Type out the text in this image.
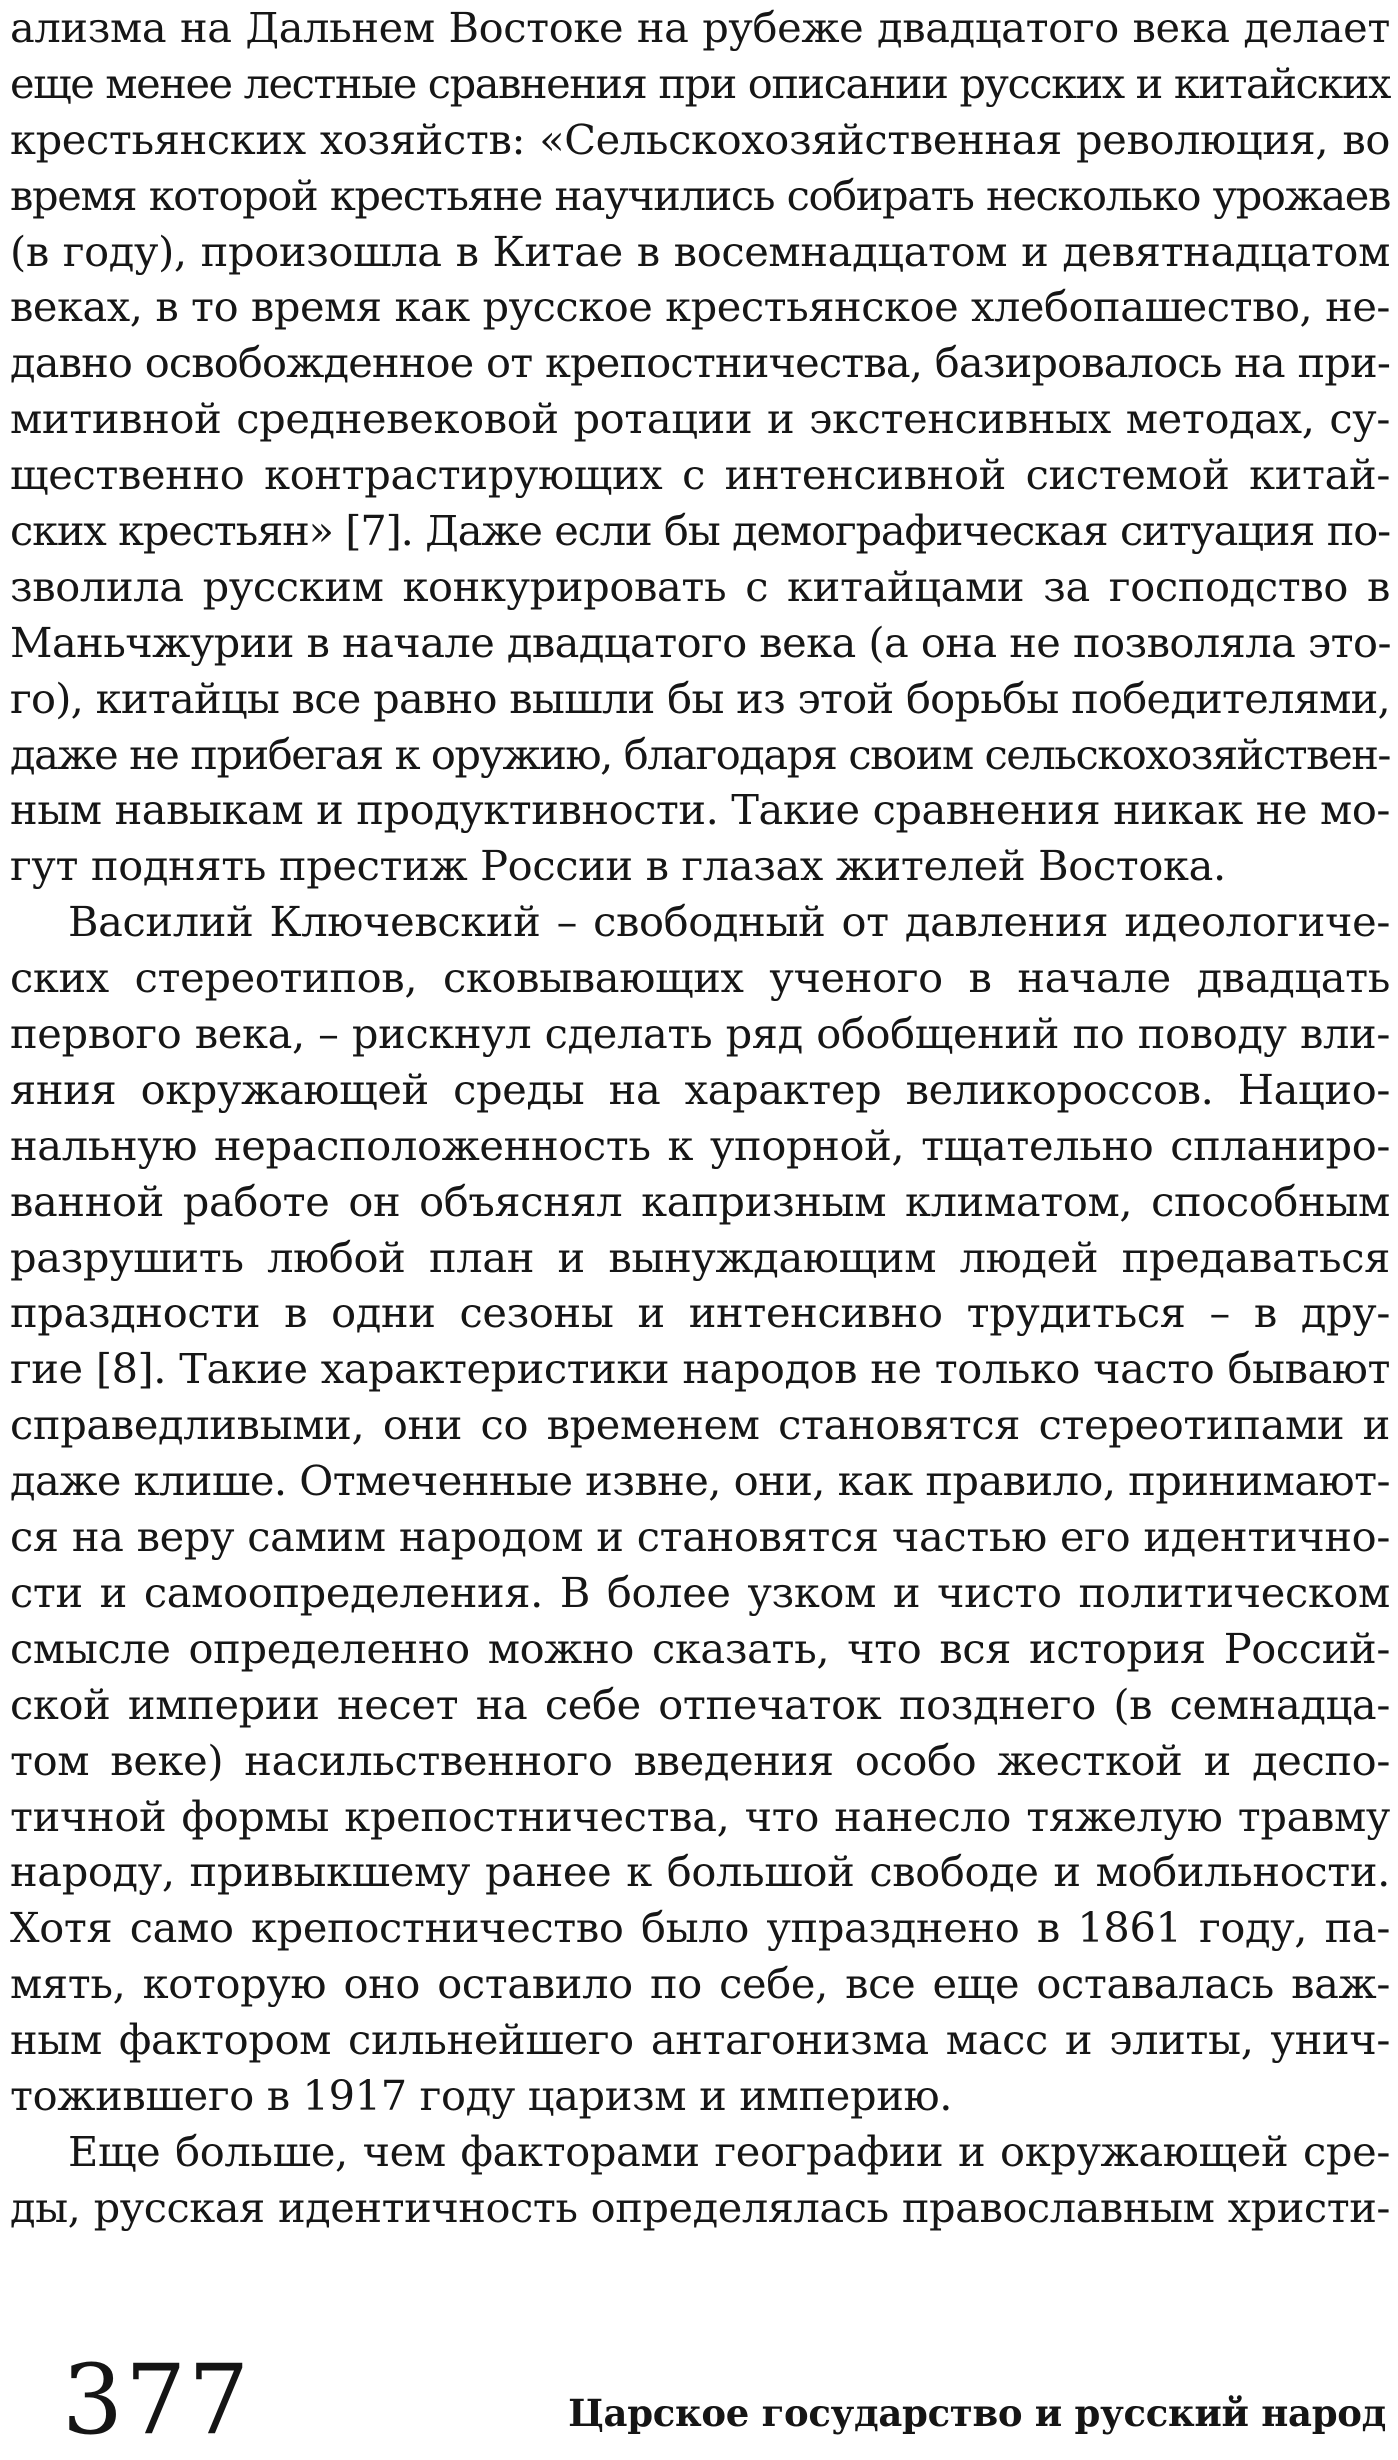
ализма на Дальнем Востоке на рубеже двадцатого века делает
еще менее лестные сравнения при описании русских и китайских
крестьянских хозяйств: «Сельскохозяйственная революция, во
время которой крестьяне научились собирать несколько урожаев
(в году), произошла в Китае в восемнадцатом и девятнадцатом
веках, в то время как русское крестьянское хлебопашество, не-
давно освобожденное от крепостничества, базировалось на при-
митивной средневековой ротации и экстенсивных методах, су-
щественно контрастирующих с интенсивной системой китай-
ских крестьян» [7]. Даже если бы демографическая ситуация по-
зволила русским конкурировать с китайцами за господство в
Маньчжурии в начале двадцатого века (а она не позволяла это-
го), китайцы все равно вышли бы из этой борьбы победителями,
даже не прибегая к оружию, благодаря своим сельскохозяйствен-
ным навыкам и продуктивности. Такие сравнения никак не мо-
гут поднять престиж России в глазах жителей Востока.
Василий Ключевский – свободный от давления идеологиче-
ских стереотипов, сковывающих ученого в начале двадцать
первого века, – рискнул сделать ряд обобщений по поводу вли-
яния окружающей среды на характер великороссов. Нацио-
нальную нерасположенность к упорной, тщательно спланиро-
ванной работе он объяснял капризным климатом, способным
разрушить любой план и вынуждающим людей предаваться
праздности в одни сезоны и интенсивно трудиться – в дру-
гие [8]. Такие характеристики народов не только часто бывают
справедливыми, они со временем становятся стереотипами и
даже клише. Отмеченные извне, они, как правило, принимают-
ся на веру самим народом и становятся частью его идентично-
сти и самоопределения. В более узком и чисто политическом
смысле определенно можно сказать, что вся история Россий-
ской империи несет на себе отпечаток позднего (в семнадца-
том веке) насильственного введения особо жесткой и деспо-
тичной формы крепостничества, что нанесло тяжелую травму
народу, привыкшему ранее к большой свободе и мобильности.
Хотя само крепостничество было упразднено в 1861 году, па-
мять, которую оно оставило по себе, все еще оставалась важ-
ным фактором сильнейшего антагонизма масс и элиты, унич-
тожившего в 1917 году царизм и империю.
Еще больше, чем факторами географии и окружающей сре-
ды, русская идентичность определялась православным христи-
377	Царское государство и русский народ
